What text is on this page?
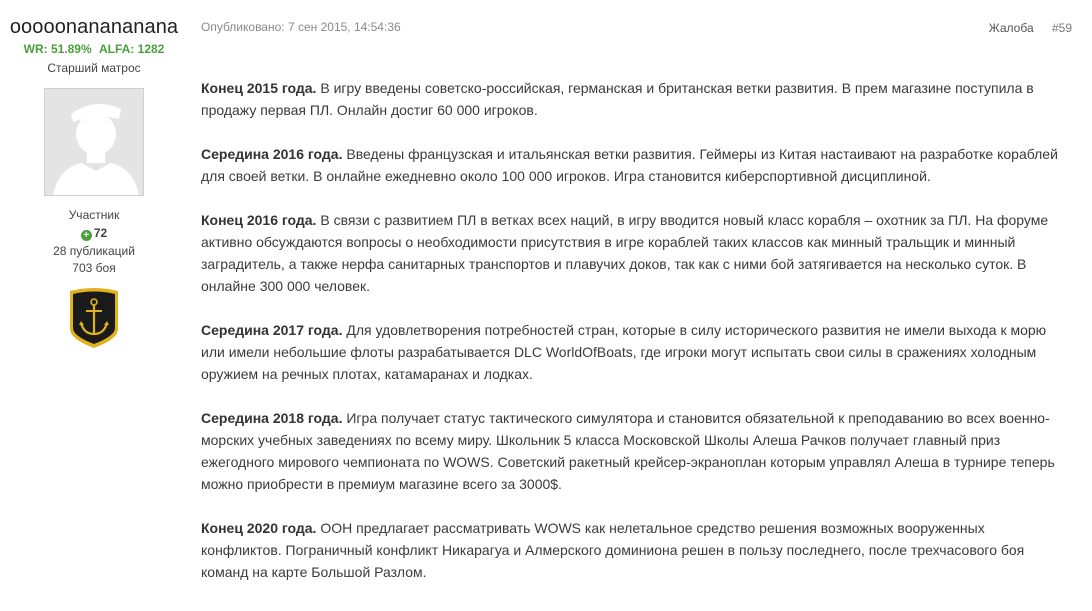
ooooonanananana
WR: 51.89% ALFA: 1282
Старший матрос
Участник
+ 72
28 публикаций
703 боя
Опубликовано: 7 сен 2015, 14:54:36	Жалоба #59

Конец 2015 года. В игру введены советско-российская, германская и британская ветки развития. В прем магазине поступила в продажу первая ПЛ. Онлайн достиг 60 000 игроков.

Середина 2016 года. Введены французская и итальянская ветки развития. Геймеры из Китая настаивают на разработке кораблей для своей ветки. В онлайне ежедневно около 100 000 игроков. Игра становится киберспортивной дисциплиной.

Конец 2016 года. В связи с развитием ПЛ в ветках всех наций, в игру вводится новый класс корабля – охотник за ПЛ. На форуме активно обсуждаются вопросы о необходимости присутствия в игре кораблей таких классов как минный тральщик и минный заградитель, а также нерфа санитарных транспортов и плавучих доков, так как с ними бой затягивается на несколько суток. В онлайне 300 000 человек.

Середина 2017 года. Для удовлетворения потребностей стран, которые в силу исторического развития не имели выхода к морю или имели небольшие флоты разрабатывается DLC WorldOfBoats, где игроки могут испытать свои силы в сражениях холодным оружием на речных плотах, катамаранах и лодках.

Середина 2018 года. Игра получает статус тактического симулятора и становится обязательной к преподаванию во всех военно-морских учебных заведениях по всему миру. Школьник 5 класса Московской Школы Алеша Рачков получает главный приз ежегодного мирового чемпионата по WOWS. Советский ракетный крейсер-экраноплан которым управлял Алеша в турнире теперь можно приобрести в премиум магазине всего за 3000$.

Конец 2020 года. ООН предлагает рассматривать WOWS как нелетальное средство решения возможных вооруженных конфликтов. Пограничный конфликт Никарагуа и Алмерского доминиона решен в пользу последнего, после трехчасового боя команд на карте Большой Разлом.
